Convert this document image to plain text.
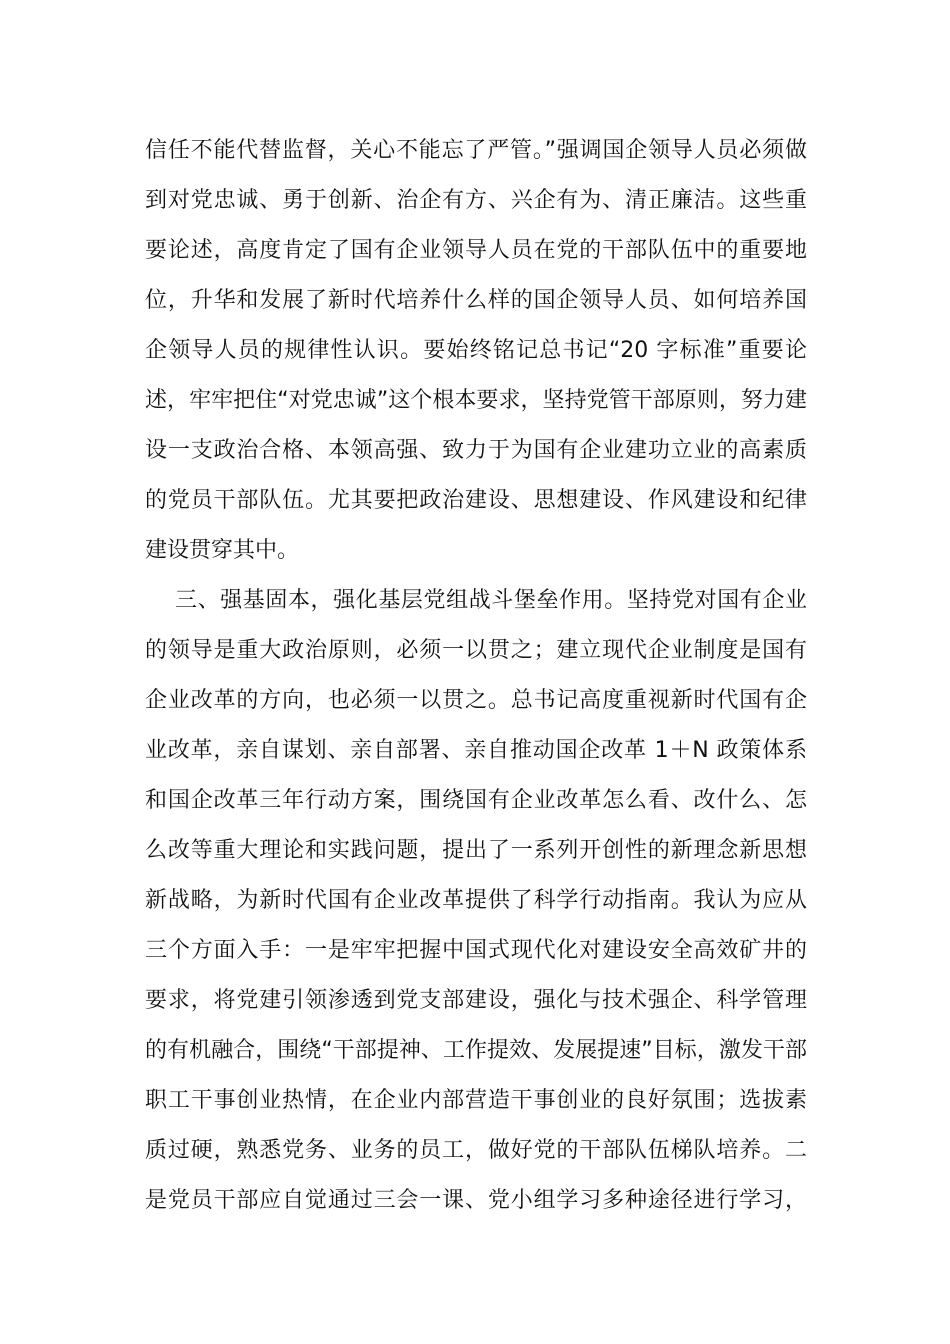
信任不能代替监督，关心不能忘了严管。”强调国企领导人员必须做
到对党忠诚、勇于创新、治企有方、兴企有为、清正廉洁。这些重
要论述，高度肯定了国有企业领导人员在党的干部队伍中的重要地
位，升华和发展了新时代培养什么样的国企领导人员、如何培养国
企领导人员的规律性认识。要始终铭记总书记“20 字标准”重要论
述，牢牢把住“对党忠诚”这个根本要求，坚持党管干部原则，努力建
设一支政治合格、本领高强、致力于为国有企业建功立业的高素质
的党员干部队伍。尤其要把政治建设、思想建设、作风建设和纪律
建设贯穿其中。
三、强基固本，强化基层党组战斗堡垒作用。坚持党对国有企业
的领导是重大政治原则，必须一以贯之；建立现代企业制度是国有
企业改革的方向，也必须一以贯之。总书记高度重视新时代国有企
业改革，亲自谋划、亲自部署、亲自推动国企改革 1＋N 政策体系
和国企改革三年行动方案，围绕国有企业改革怎么看、改什么、怎
么改等重大理论和实践问题，提出了一系列开创性的新理念新思想
新战略，为新时代国有企业改革提供了科学行动指南。我认为应从
三个方面入手：一是牢牢把握中国式现代化对建设安全高效矿井的
要求，将党建引领渗透到党支部建设，强化与技术强企、科学管理
的有机融合，围绕“干部提神、工作提效、发展提速”目标，激发干部
职工干事创业热情，在企业内部营造干事创业的良好氛围；选拔素
质过硬，熟悉党务、业务的员工，做好党的干部队伍梯队培养。二
是党员干部应自觉通过三会一课、党小组学习多种途径进行学习，
